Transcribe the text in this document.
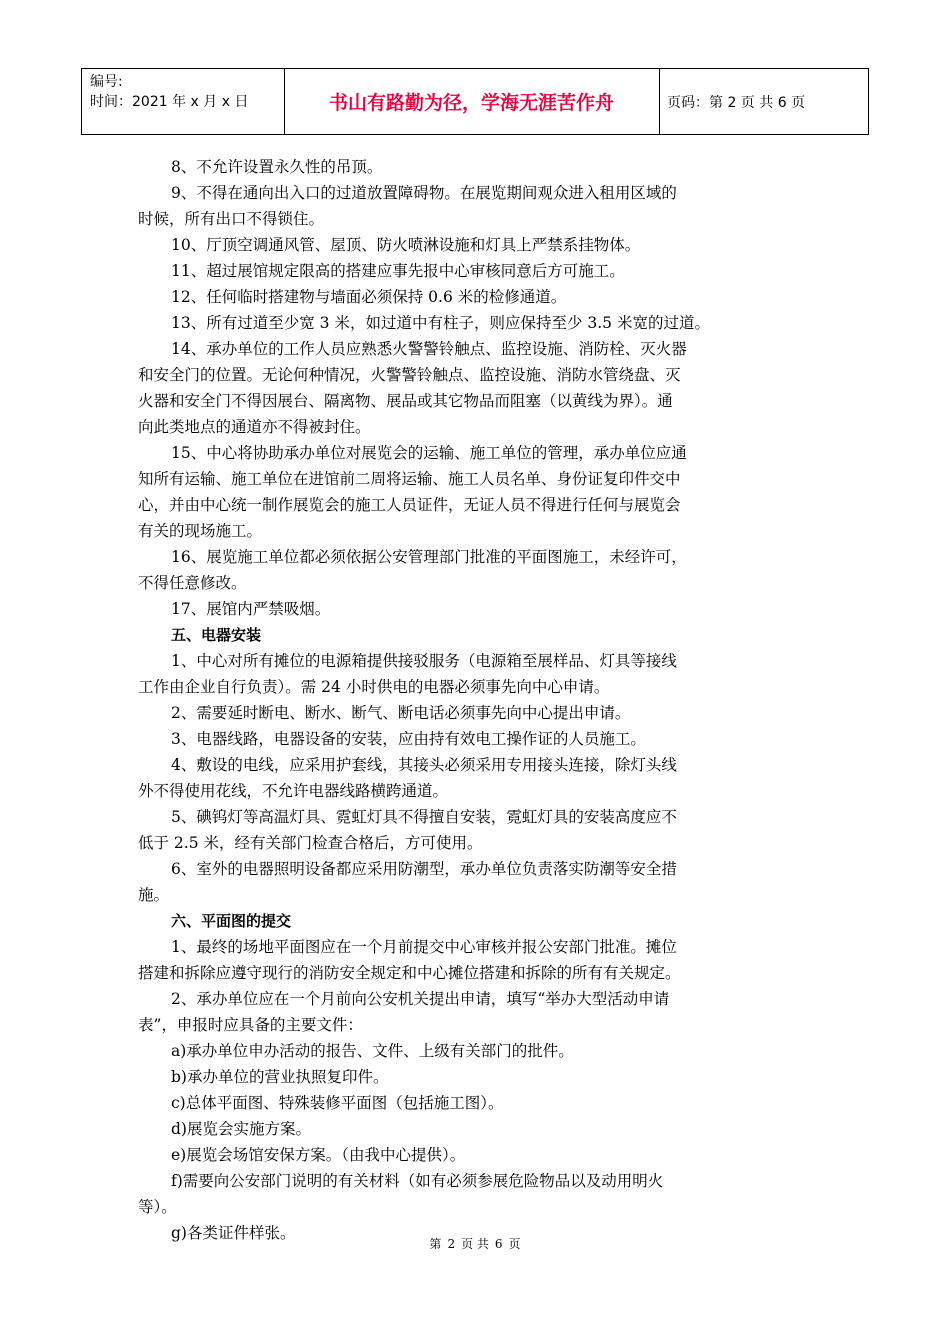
编号:
时间：2021 年 x 月 x 日	书山有路勤为径，学海无涯苦作舟	页码：第 2 页 共 6 页
8、不允许设置永久性的吊顶。
9、不得在通向出入口的过道放置障碍物。在展览期间观众进入租用区域的
时候，所有出口不得锁住。
10、厅顶空调通风管、屋顶、防火喷淋设施和灯具上严禁系挂物体。
11、超过展馆规定限高的搭建应事先报中心审核同意后方可施工。
12、任何临时搭建物与墙面必须保持 0.6 米的检修通道。
13、所有过道至少宽 3 米，如过道中有柱子，则应保持至少 3.5 米宽的过道。
14、承办单位的工作人员应熟悉火警警铃触点、监控设施、消防栓、灭火器
和安全门的位置。无论何种情况，火警警铃触点、监控设施、消防水管绕盘、灭
火器和安全门不得因展台、隔离物、展品或其它物品而阻塞（以黄线为界）。通
向此类地点的通道亦不得被封住。
15、中心将协助承办单位对展览会的运输、施工单位的管理，承办单位应通
知所有运输、施工单位在进馆前二周将运输、施工人员名单、身份证复印件交中
心，并由中心统一制作展览会的施工人员证件，无证人员不得进行任何与展览会
有关的现场施工。
16、展览施工单位都必须依据公安管理部门批准的平面图施工，未经许可，
不得任意修改。
17、展馆内严禁吸烟。
五、电器安装
1、中心对所有摊位的电源箱提供接驳服务（电源箱至展样品、灯具等接线
工作由企业自行负责）。需 24 小时供电的电器必须事先向中心申请。
2、需要延时断电、断水、断气、断电话必须事先向中心提出申请。
3、电器线路，电器设备的安装，应由持有效电工操作证的人员施工。
4、敷设的电线，应采用护套线，其接头必须采用专用接头连接，除灯头线
外不得使用花线，不允许电器线路横跨通道。
5、碘钨灯等高温灯具、霓虹灯具不得擅自安装，霓虹灯具的安装高度应不
低于 2.5 米，经有关部门检查合格后，方可使用。
6、室外的电器照明设备都应采用防潮型，承办单位负责落实防潮等安全措
施。
六、平面图的提交
1、最终的场地平面图应在一个月前提交中心审核并报公安部门批准。摊位
搭建和拆除应遵守现行的消防安全规定和中心摊位搭建和拆除的所有有关规定。
2、承办单位应在一个月前向公安机关提出申请，填写“举办大型活动申请
表”，申报时应具备的主要文件：
a)承办单位申办活动的报告、文件、上级有关部门的批件。
b)承办单位的营业执照复印件。
c)总体平面图、特殊装修平面图（包括施工图）。
d)展览会实施方案。
e)展览会场馆安保方案。（由我中心提供）。
f)需要向公安部门说明的有关材料（如有必须参展危险物品以及动用明火
等）。
g)各类证件样张。
第 2 页 共 6 页
